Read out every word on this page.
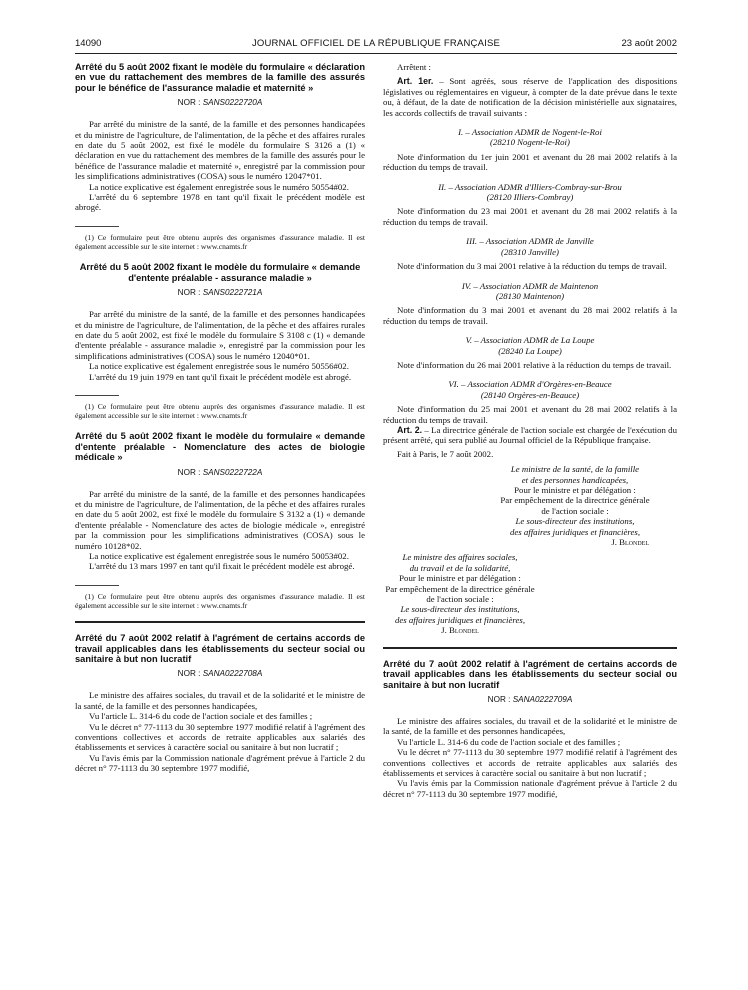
14090	JOURNAL OFFICIEL DE LA RÉPUBLIQUE FRANÇAISE	23 août 2002

Arrêté du 5 août 2002 fixant le modèle du formulaire « déclaration en vue du rattachement des membres de la famille des assurés pour le bénéfice de l'assurance maladie et maternité »

NOR : SANS0222720A

Par arrêté du ministre de la santé, de la famille et des personnes handicapées et du ministre de l'agriculture, de l'alimentation, de la pêche et des affaires rurales en date du 5 août 2002, est fixé le modèle du formulaire S 3126 a (1) « déclaration en vue du rattachement des membres de la famille des assurés pour le bénéfice de l'assurance maladie et maternité », enregistré par la commission pour les simplifications administratives (COSA) sous le numéro 12047*01.

La notice explicative est également enregistrée sous le numéro 50554#02.

L'arrêté du 6 septembre 1978 en tant qu'il fixait le précédent modèle est abrogé.

(1) Ce formulaire peut être obtenu auprès des organismes d'assurance maladie. Il est également accessible sur le site internet : www.cnamts.fr

Arrêté du 5 août 2002 fixant le modèle du formulaire « demande d'entente préalable - assurance maladie »

NOR : SANS0222721A

Par arrêté du ministre de la santé, de la famille et des personnes handicapées et du ministre de l'agriculture, de l'alimentation, de la pêche et des affaires rurales en date du 5 août 2002, est fixé le modèle du formulaire S 3108 c (1) « demande d'entente préalable - assurance maladie », enregistré par la commission pour les simplifications administratives (COSA) sous le numéro 12040*01.

La notice explicative est également enregistrée sous le numéro 50556#02.

L'arrêté du 19 juin 1979 en tant qu'il fixait le précédent modèle est abrogé.

(1) Ce formulaire peut être obtenu auprès des organismes d'assurance maladie. Il est également accessible sur le site internet : www.cnamts.fr

Arrêté du 5 août 2002 fixant le modèle du formulaire « demande d'entente préalable - Nomenclature des actes de biologie médicale »

NOR : SANS0222722A

Par arrêté du ministre de la santé, de la famille et des personnes handicapées et du ministre de l'agriculture, de l'alimentation, de la pêche et des affaires rurales en date du 5 août 2002, est fixé le modèle du formulaire S 3132 a (1) « demande d'entente préalable - Nomenclature des actes de biologie médicale », enregistré par la commission pour les simplifications administratives (COSA) sous le numéro 10128*02.

La notice explicative est également enregistrée sous le numéro 50053#02.

L'arrêté du 13 mars 1997 en tant qu'il fixait le précédent modèle est abrogé.

(1) Ce formulaire peut être obtenu auprès des organismes d'assurance maladie. Il est également accessible sur le site internet : www.cnamts.fr

Arrêté du 7 août 2002 relatif à l'agrément de certains accords de travail applicables dans les établissements du secteur social ou sanitaire à but non lucratif

NOR : SANA0222708A

Le ministre des affaires sociales, du travail et de la solidarité et le ministre de la santé, de la famille et des personnes handicapées,

Vu l'article L. 314-6 du code de l'action sociale et des familles ;

Vu le décret n° 77-1113 du 30 septembre 1977 modifié relatif à l'agrément des conventions collectives et accords de retraite applicables aux salariés des établissements et services à caractère social ou sanitaire à but non lucratif ;

Vu l'avis émis par la Commission nationale d'agrément prévue à l'article 2 du décret n° 77-1113 du 30 septembre 1977 modifié,

Arrêtent :

Art. 1er. – Sont agréés, sous réserve de l'application des dispositions législatives ou réglementaires en vigueur, à compter de la date prévue dans le texte ou, à défaut, de la date de notification de la décision ministérielle aux signataires, les accords collectifs de travail suivants :

I. – Association ADMR de Nogent-le-Roi
(28210 Nogent-le-Roi)

Note d'information du 1er juin 2001 et avenant du 28 mai 2002 relatifs à la réduction du temps de travail.

II. – Association ADMR d'Illiers-Combray-sur-Brou
(28120 Illiers-Combray)

Note d'information du 23 mai 2001 et avenant du 28 mai 2002 relatifs à la réduction du temps de travail.

III. – Association ADMR de Janville
(28310 Janville)

Note d'information du 3 mai 2001 relative à la réduction du temps de travail.

IV. – Association ADMR de Maintenon
(28130 Maintenon)

Note d'information du 3 mai 2001 et avenant du 28 mai 2002 relatifs à la réduction du temps de travail.

V. – Association ADMR de La Loupe
(28240 La Loupe)

Note d'information du 26 mai 2001 relative à la réduction du temps de travail.

VI. – Association ADMR d'Orgères-en-Beauce
(28140 Orgères-en-Beauce)

Note d'information du 25 mai 2001 et avenant du 28 mai 2002 relatifs à la réduction du temps de travail.

Art. 2. – La directrice générale de l'action sociale est chargée de l'exécution du présent arrêté, qui sera publié au Journal officiel de la République française.

Fait à Paris, le 7 août 2002.

Le ministre de la santé, de la famille

et des personnes handicapées,

Pour le ministre et par délégation :

Par empêchement de la directrice générale

de l'action sociale :

Le sous-directeur des institutions,

des affaires juridiques et financières,

J. Blondel

Le ministre des affaires sociales,

du travail et de la solidarité,

Pour le ministre et par délégation :

Par empêchement de la directrice générale

de l'action sociale :

Le sous-directeur des institutions,

des affaires juridiques et financières,

J. Blondel

Arrêté du 7 août 2002 relatif à l'agrément de certains accords de travail applicables dans les établissements du secteur social ou sanitaire à but non lucratif

NOR : SANA0222709A

Le ministre des affaires sociales, du travail et de la solidarité et le ministre de la santé, de la famille et des personnes handicapées,

Vu l'article L. 314-6 du code de l'action sociale et des familles ;

Vu le décret n° 77-1113 du 30 septembre 1977 modifié relatif à l'agrément des conventions collectives et accords de retraite applicables aux salariés des établissements et services à caractère social ou sanitaire à but non lucratif ;

Vu l'avis émis par la Commission nationale d'agrément prévue à l'article 2 du décret n° 77-1113 du 30 septembre 1977 modifié,
